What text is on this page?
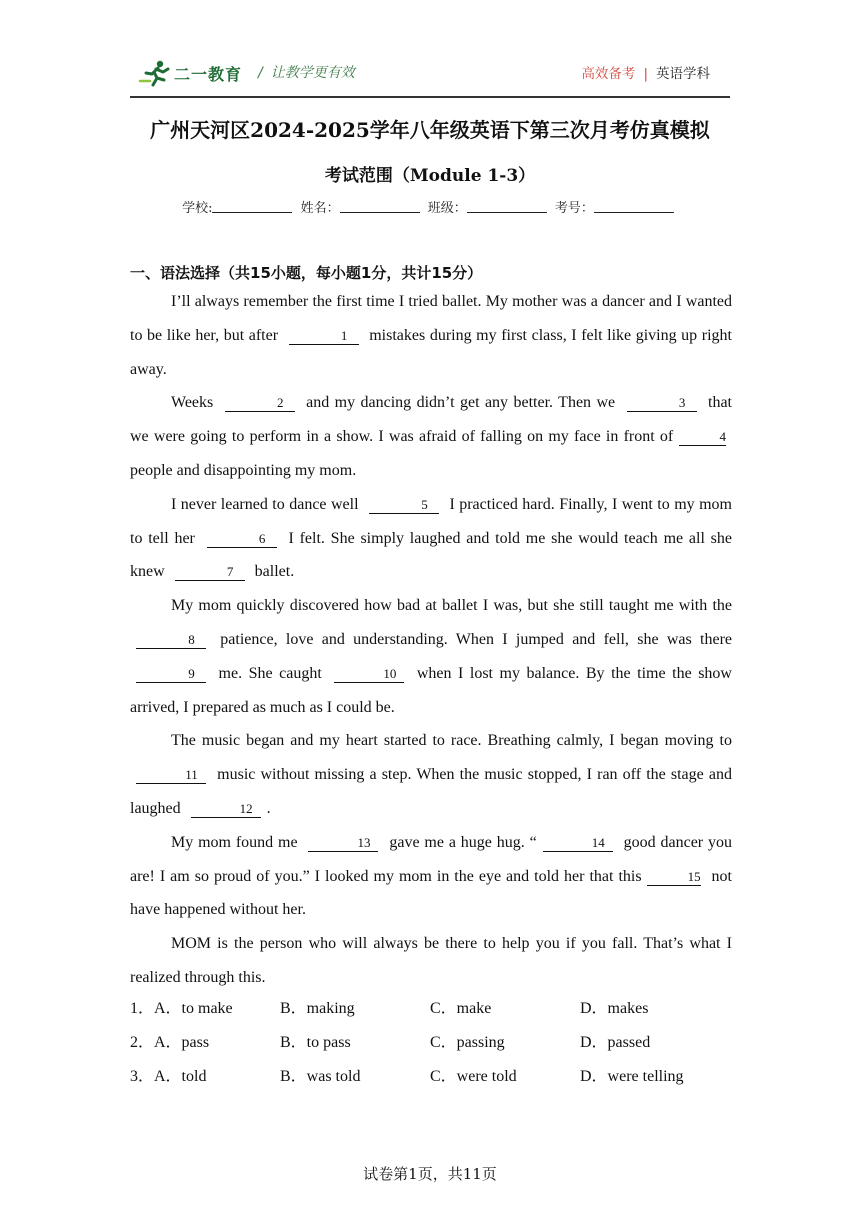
二一教育 / 让教学更有效	高效备考 | 英语学科
广州天河区2024-2025学年八年级英语下第三次月考仿真模拟
考试范围（Module 1-3）
学校:	姓名：	班级：	考号：
一、语法选择（共15小题，每小题1分，共计15分）

I’ll always remember the first time I tried ballet. My mother was a dancer and I wanted to be like her, but after	1 mistakes during my first class, I felt like giving up right away.

Weeks	2 and my dancing didn’t get any better. Then we	3 that we were going to perform in a show. I was afraid of falling on my face in front of	4 people and disappointing my mom.

I never learned to dance well	5 I practiced hard. Finally, I went to my mom to tell her	6 I felt. She simply laughed and told me she would teach me all she knew	7 ballet.

My mom quickly discovered how bad at ballet I was, but she still taught me with the 8 patience, love and understanding. When I jumped and fell, she was there 9 me. She caught	10 when I lost my balance. By the time the show arrived, I prepared as much as I could be.

The music began and my heart started to race. Breathing calmly, I began moving to 11 music without missing a step. When the music stopped, I ran off the stage and laughed	12 .

My mom found me	13 gave me a huge hug. “	14 good dancer you are! I am so proud of you.” I looked my mom in the eye and told her that this	15 not have happened without her.

MOM is the person who will always be there to help you if you fall. That’s what I realized through this.

1．A．to make	B．making	C．make	D．makes
2．A．pass	B．to pass	C．passing	D．passed
3．A．told	B．was told	C．were told	D．were telling
试卷第1页，共11页
